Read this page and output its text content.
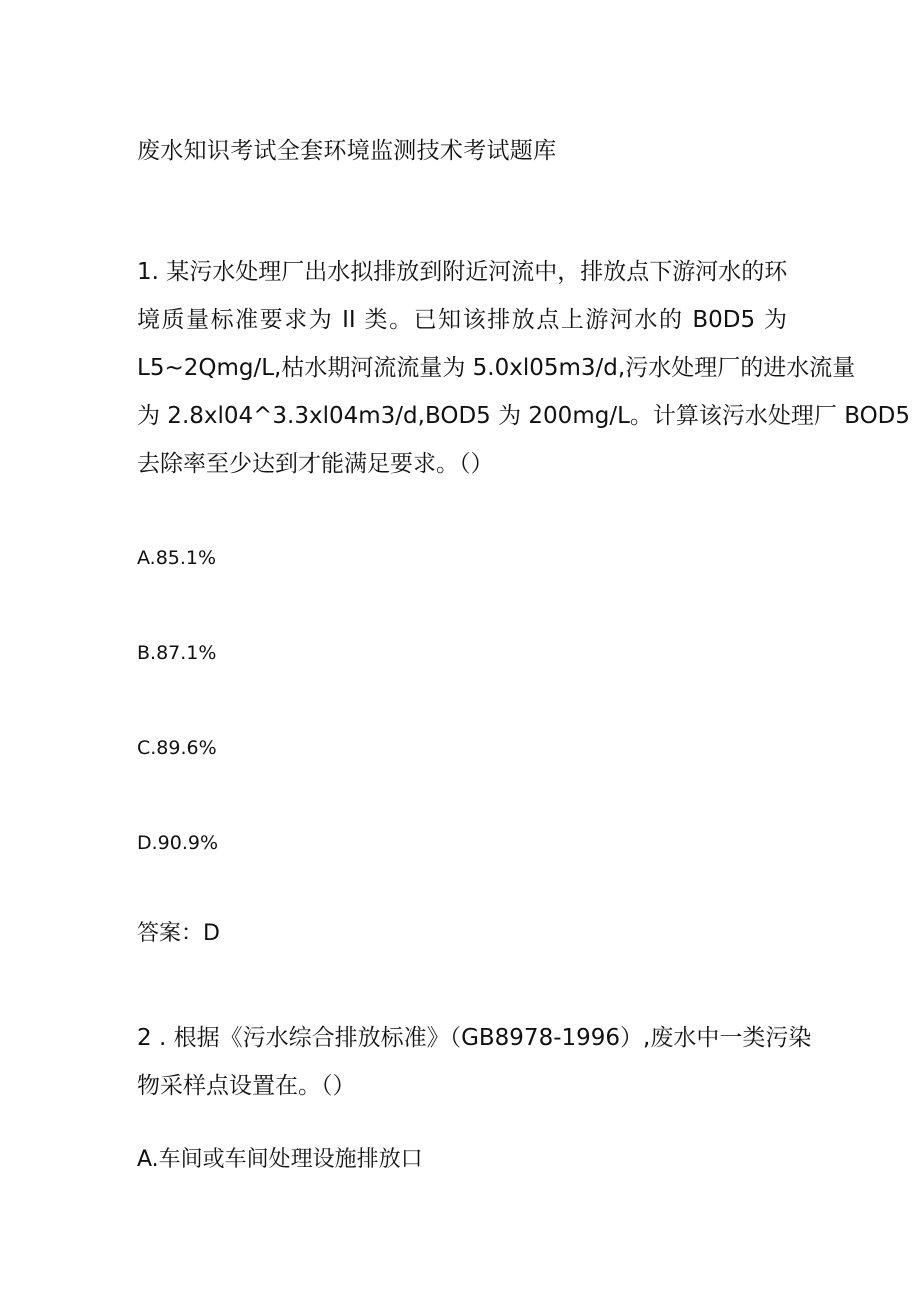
废水知识考试全套环境监测技术考试题库
1. 某污水处理厂出水拟排放到附近河流中，排放点下游河水的环
境质量标准要求为 II 类。已知该排放点上游河水的 B0D5 为
L5~2Qmg/L,枯水期河流流量为 5.0xl05m3/d,污水处理厂的进水流量
为 2.8xl04^3.3xl04m3/d,BOD5 为 200mg/L。计算该污水处理厂 BOD5
去除率至少达到才能满足要求。（）
A.85.1%
B.87.1%
C.89.6%
D.90.9%
答案：D
2 . 根据《污水综合排放标准》（GB8978-1996）,废水中一类污染
物采样点设置在。（）
A.车间或车间处理设施排放口
